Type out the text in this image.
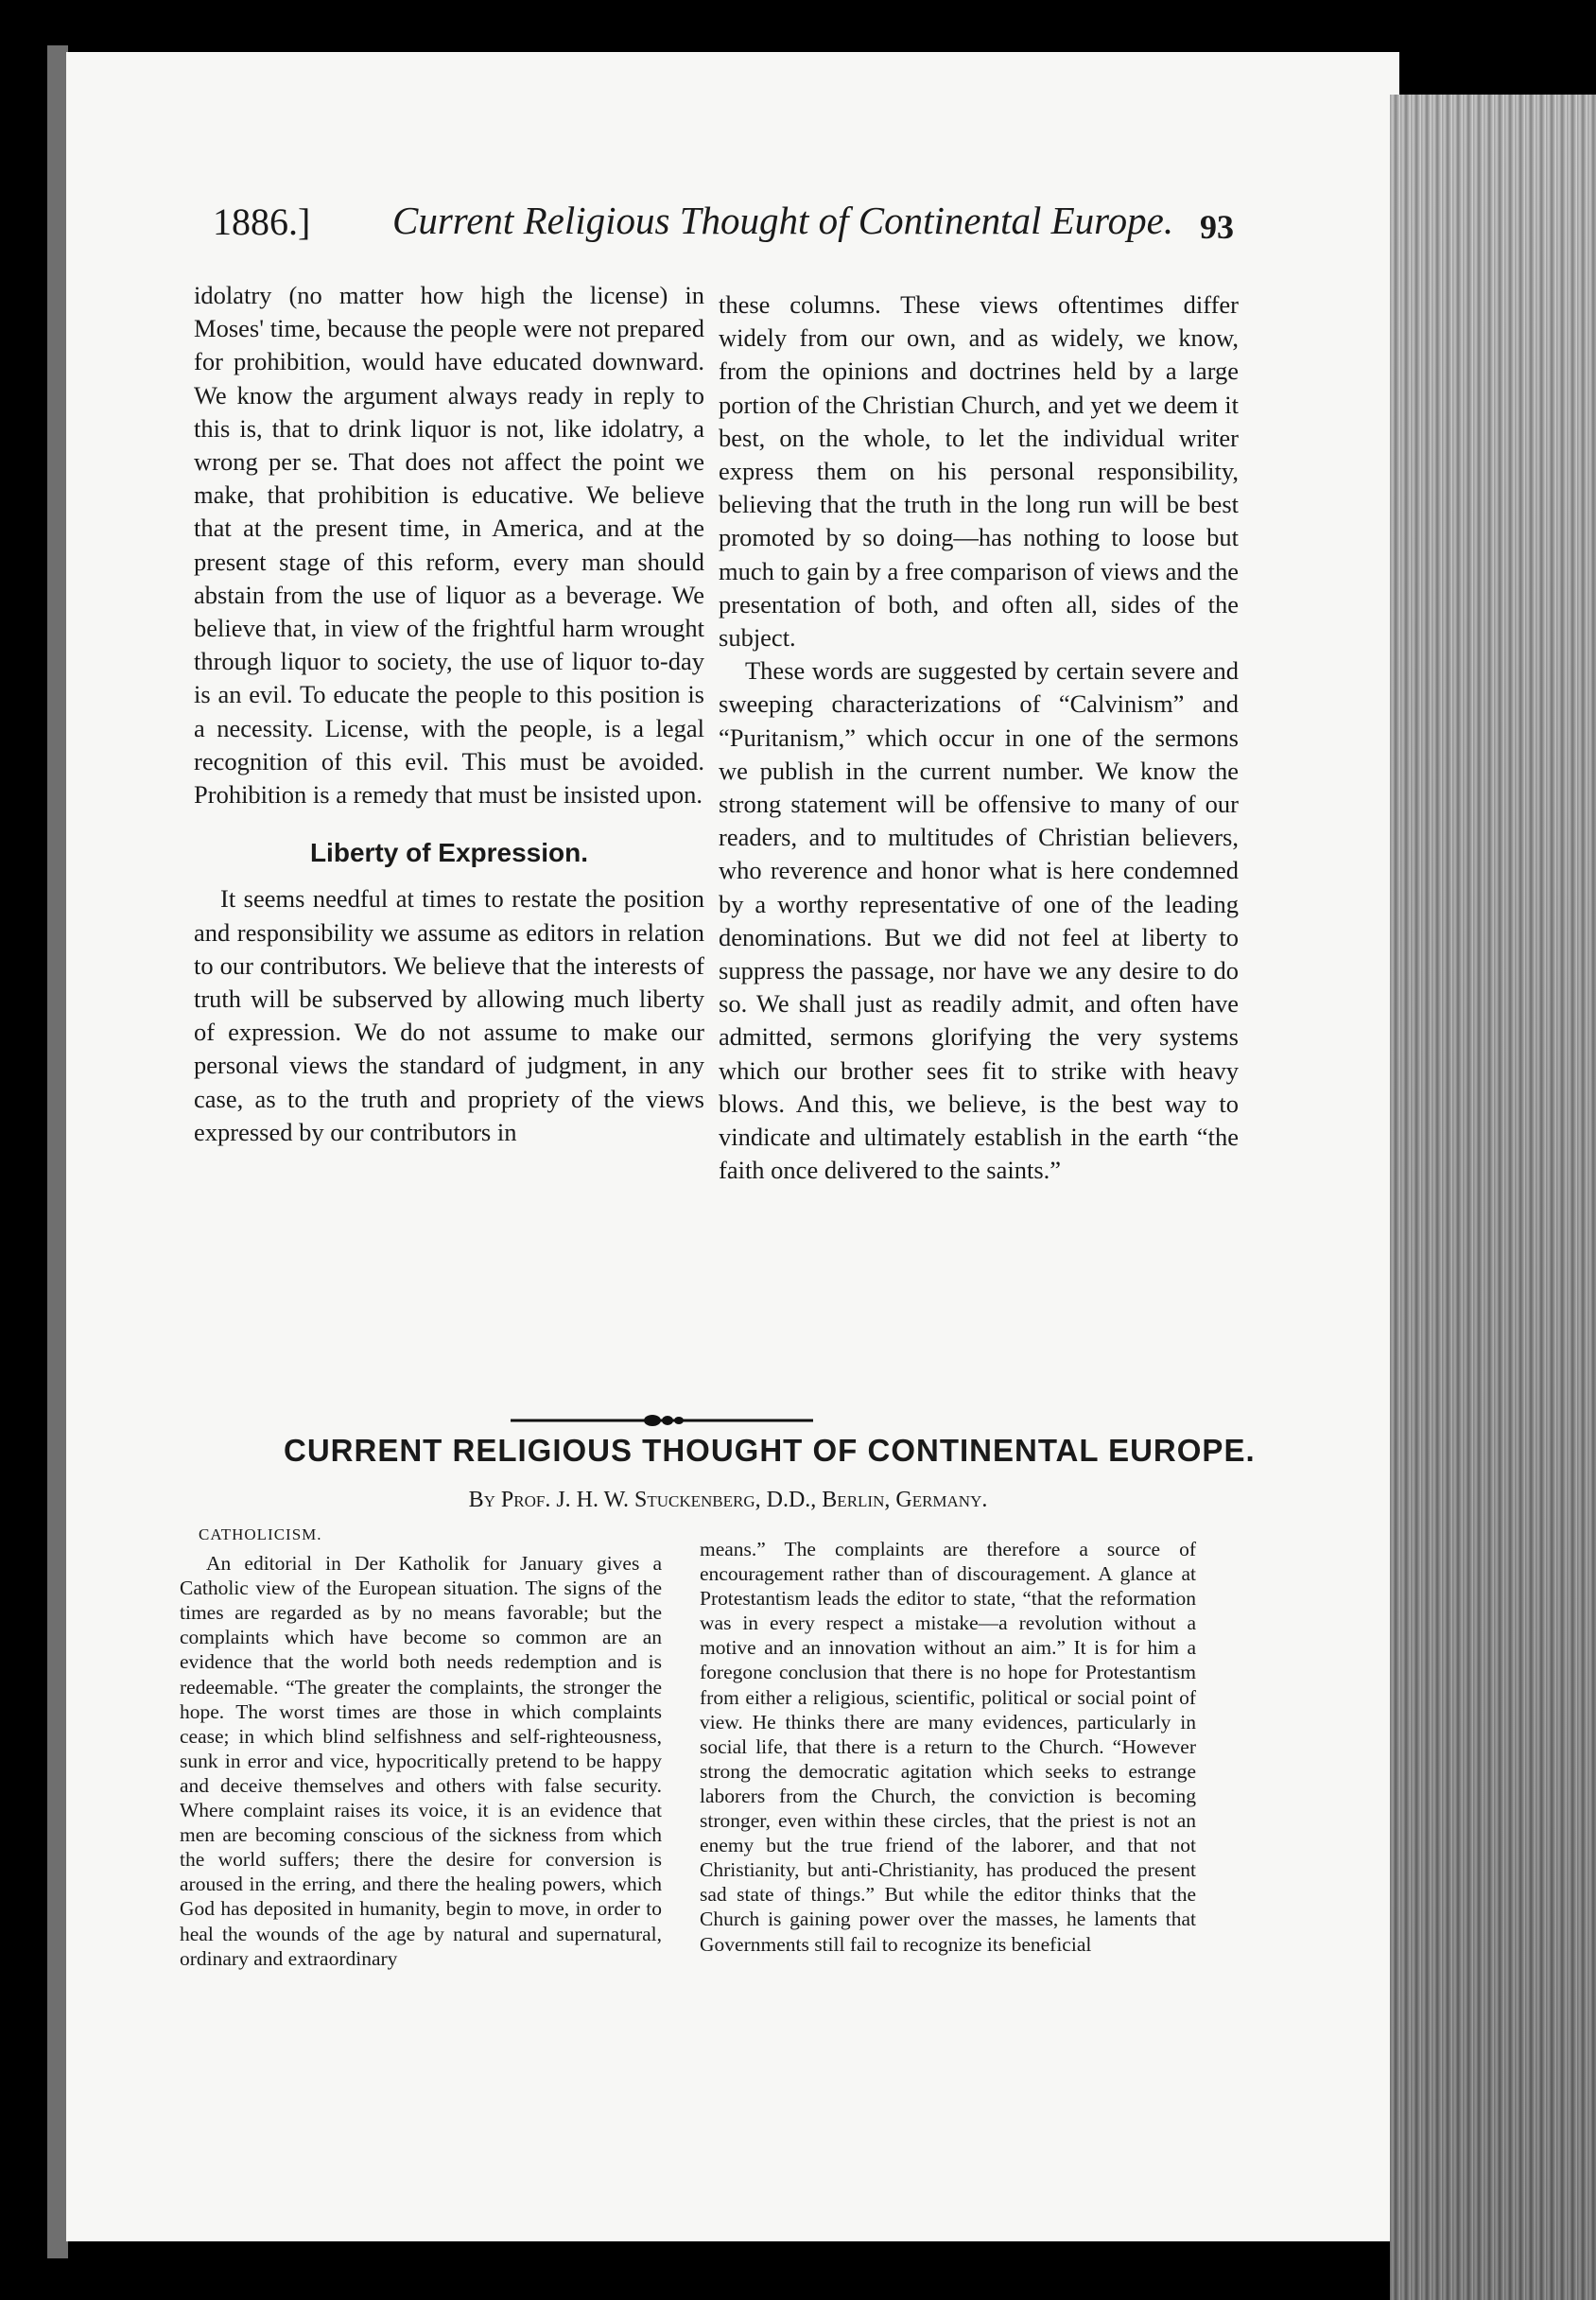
1886.] Current Religious Thought of Continental Europe. 93

idolatry (no matter how high the license) in Moses' time, because the people were not prepared for prohibition, would have educated downward. We know the argument always ready in reply to this is, that to drink liquor is not, like idolatry, a wrong per se. That does not affect the point we make, that prohibition is educative. We believe that at the present time, in America, and at the present stage of this reform, every man should abstain from the use of liquor as a beverage. We believe that, in view of the frightful harm wrought through liquor to society, the use of liquor to-day is an evil. To educate the people to this position is a necessity. License, with the people, is a legal recognition of this evil. This must be avoided. Prohibition is a remedy that must be insisted upon.

Liberty of Expression.

It seems needful at times to restate the position and responsibility we assume as editors in relation to our contributors. We believe that the interests of truth will be subserved by allowing much liberty of expression. We do not assume to make our personal views the standard of judgment, in any case, as to the truth and propriety of the views expressed by our contributors in

these columns. These views oftentimes differ widely from our own, and as widely, we know, from the opinions and doctrines held by a large portion of the Christian Church, and yet we deem it best, on the whole, to let the individual writer express them on his personal responsibility, believing that the truth in the long run will be best promoted by so doing—has nothing to loose but much to gain by a free comparison of views and the presentation of both, and often all, sides of the subject.

These words are suggested by certain severe and sweeping characterizations of “Calvinism” and “Puritanism,” which occur in one of the sermons we publish in the current number. We know the strong statement will be offensive to many of our readers, and to multitudes of Christian believers, who reverence and honor what is here condemned by a worthy representative of one of the leading denominations. But we did not feel at liberty to suppress the passage, nor have we any desire to do so. We shall just as readily admit, and often have admitted, sermons glorifying the very systems which our brother sees fit to strike with heavy blows. And this, we believe, is the best way to vindicate and ultimately establish in the earth “the faith once delivered to the saints.”

CURRENT RELIGIOUS THOUGHT OF CONTINENTAL EUROPE.
By Prof. J. H. W. Stuckenberg, D.D., Berlin, Germany.
CATHOLICISM.

An editorial in Der Katholik for January gives a Catholic view of the European situation. The signs of the times are regarded as by no means favorable; but the complaints which have become so common are an evidence that the world both needs redemption and is redeemable. “The greater the complaints, the stronger the hope. The worst times are those in which complaints cease; in which blind selfishness and self-righteousness, sunk in error and vice, hypocritically pretend to be happy and deceive themselves and others with false security. Where complaint raises its voice, it is an evidence that men are becoming conscious of the sickness from which the world suffers; there the desire for conversion is aroused in the erring, and there the healing powers, which God has deposited in humanity, begin to move, in order to heal the wounds of the age by natural and supernatural, ordinary and extraordinary

means.” The complaints are therefore a source of encouragement rather than of discouragement. A glance at Protestantism leads the editor to state, “that the reformation was in every respect a mistake—a revolution without a motive and an innovation without an aim.” It is for him a foregone conclusion that there is no hope for Protestantism from either a religious, scientific, political or social point of view. He thinks there are many evidences, particularly in social life, that there is a return to the Church. “However strong the democratic agitation which seeks to estrange laborers from the Church, the conviction is becoming stronger, even within these circles, that the priest is not an enemy but the true friend of the laborer, and that not Christianity, but anti-Christianity, has produced the present sad state of things.” But while the editor thinks that the Church is gaining power over the masses, he laments that Governments still fail to recognize its beneficial
